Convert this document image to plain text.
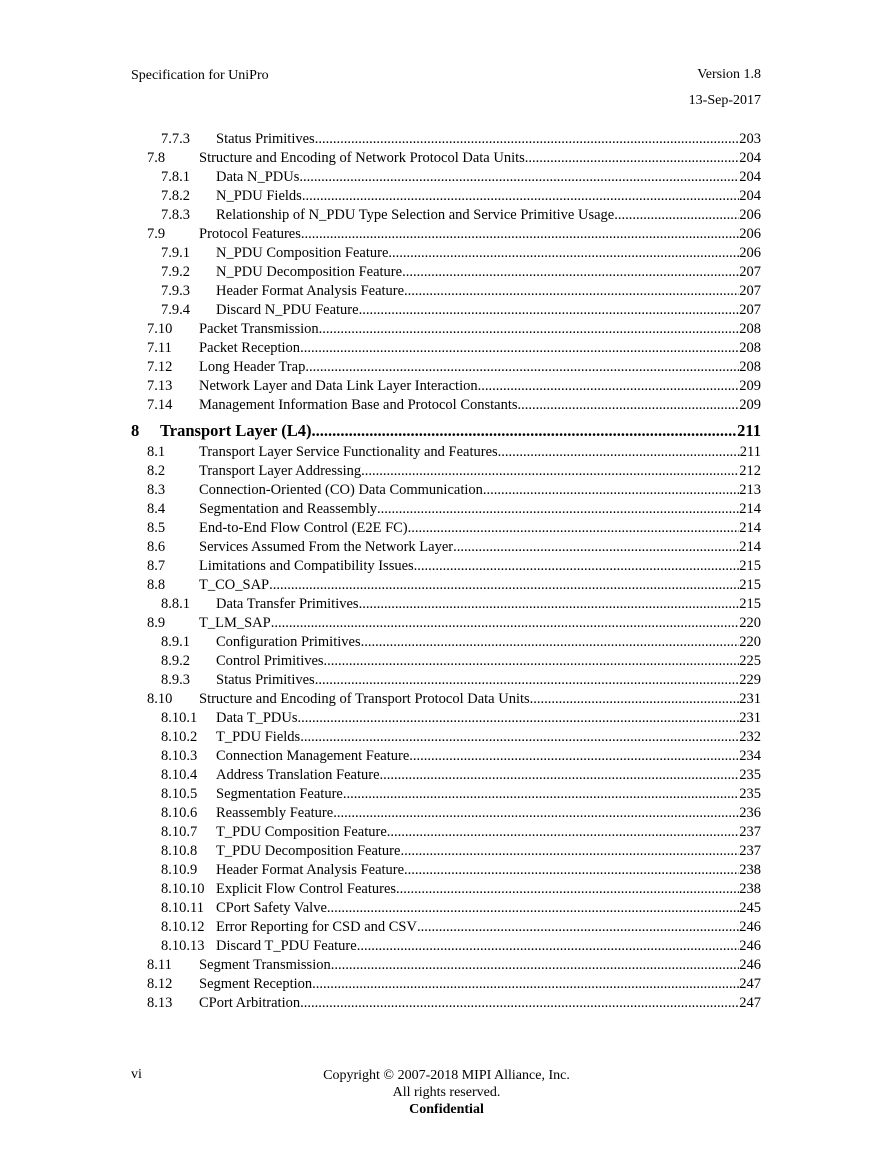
Specification for UniPro	Version 1.8
13-Sep-2017
7.7.3	Status Primitives .....	203
7.8	Structure and Encoding of Network Protocol Data Units .....	204
7.8.1	Data N_PDUs .....	204
7.8.2	N_PDU Fields .....	204
7.8.3	Relationship of N_PDU Type Selection and Service Primitive Usage .....	206
7.9	Protocol Features .....	206
7.9.1	N_PDU Composition Feature .....	206
7.9.2	N_PDU Decomposition Feature .....	207
7.9.3	Header Format Analysis Feature .....	207
7.9.4	Discard N_PDU Feature .....	207
7.10	Packet Transmission .....	208
7.11	Packet Reception .....	208
7.12	Long Header Trap .....	208
7.13	Network Layer and Data Link Layer Interaction .....	209
7.14	Management Information Base and Protocol Constants .....	209
8	Transport Layer (L4) .....	211
8.1	Transport Layer Service Functionality and Features .....	211
8.2	Transport Layer Addressing .....	212
8.3	Connection-Oriented (CO) Data Communication .....	213
8.4	Segmentation and Reassembly .....	214
8.5	End-to-End Flow Control (E2E FC) .....	214
8.6	Services Assumed From the Network Layer .....	214
8.7	Limitations and Compatibility Issues .....	215
8.8	T_CO_SAP .....	215
8.8.1	Data Transfer Primitives .....	215
8.9	T_LM_SAP .....	220
8.9.1	Configuration Primitives .....	220
8.9.2	Control Primitives .....	225
8.9.3	Status Primitives .....	229
8.10	Structure and Encoding of Transport Protocol Data Units .....	231
8.10.1	Data T_PDUs .....	231
8.10.2	T_PDU Fields .....	232
8.10.3	Connection Management Feature .....	234
8.10.4	Address Translation Feature .....	235
8.10.5	Segmentation Feature .....	235
8.10.6	Reassembly Feature .....	236
8.10.7	T_PDU Composition Feature .....	237
8.10.8	T_PDU Decomposition Feature .....	237
8.10.9	Header Format Analysis Feature .....	238
8.10.10 Explicit Flow Control Features .....	238
8.10.11 CPort Safety Valve .....	245
8.10.12 Error Reporting for CSD and CSV .....	246
8.10.13 Discard T_PDU Feature .....	246
8.11	Segment Transmission .....	246
8.12	Segment Reception .....	247
8.13	CPort Arbitration .....	247
vi	Copyright © 2007-2018 MIPI Alliance, Inc.
All rights reserved.
Confidential
